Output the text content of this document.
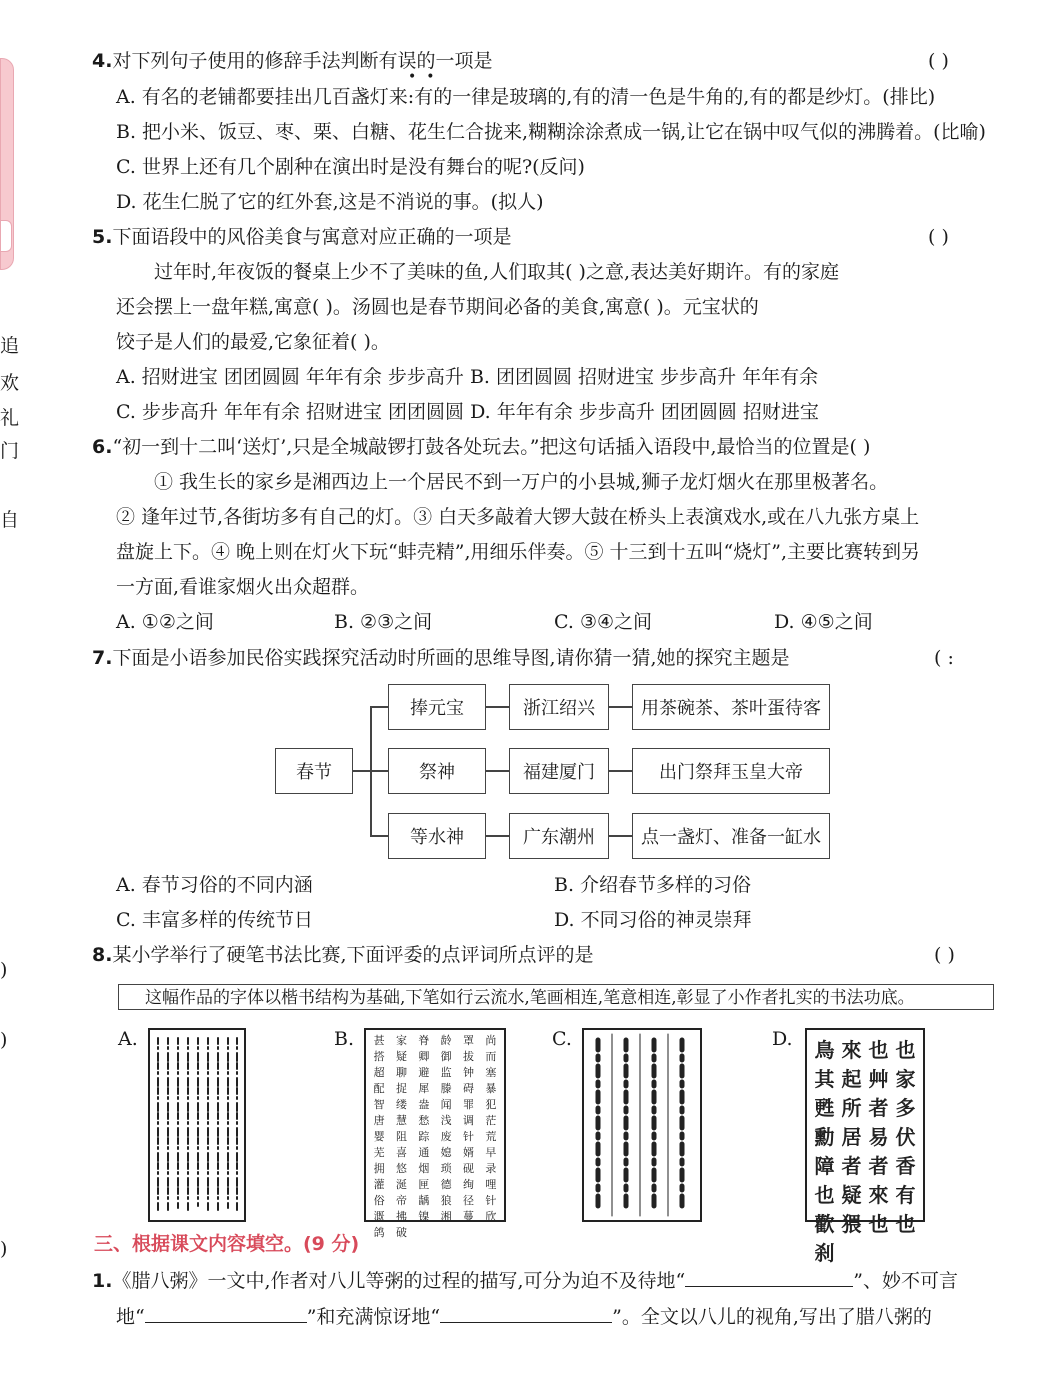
追
欢
礼
门
自
)
)
)
4.对下列句子使用的修辞手法判断有误的一项是
••
( )
A. 有名的老铺都要挂出几百盏灯来:有的一律是玻璃的,有的清一色是牛角的,有的都是纱灯。(排比)
B. 把小米、饭豆、枣、栗、白糖、花生仁合拢来,糊糊涂涂煮成一锅,让它在锅中叹气似的沸腾着。(比喻)
C. 世界上还有几个剧种在演出时是没有舞台的呢?(反问)
D. 花生仁脱了它的红外套,这是不消说的事。(拟人)
5.下面语段中的风俗美食与寓意对应正确的一项是	( )
过年时,年夜饭的餐桌上少不了美味的鱼,人们取其( )之意,表达美好期许。有的家庭
还会摆上一盘年糕,寓意( )。汤圆也是春节期间必备的美食,寓意( )。元宝状的
饺子是人们的最爱,它象征着( )。
A. 招财进宝 团团圆圆 年年有余 步步高升 B. 团团圆圆 招财进宝 步步高升 年年有余
C. 步步高升 年年有余 招财进宝 团团圆圆 D. 年年有余 步步高升 团团圆圆 招财进宝
6.“初一到十二叫‘送灯’,只是全城敲锣打鼓各处玩去。”把这句话插入语段中,最恰当的位置是( )
① 我生长的家乡是湘西边上一个居民不到一万户的小县城,狮子龙灯烟火在那里极著名。
② 逢年过节,各街坊多有自己的灯。③ 白天多敲着大锣大鼓在桥头上表演戏水,或在八九张方桌上
盘旋上下。④ 晚上则在灯火下玩“蚌壳精”,用细乐伴奏。⑤ 十三到十五叫“烧灯”,主要比赛转到另
一方面,看谁家烟火出众超群。
A. ①②之间	B. ②③之间	C. ③④之间	D. ④⑤之间
7.下面是小语参加民俗实践探究活动时所画的思维导图,请你猜一猜,她的探究主题是	( :
春节
捧元宝
祭神
等水神
浙江绍兴
福建厦门
广东潮州
用茶碗茶、茶叶蛋待客
出门祭拜玉皇大帝
点一盏灯、准备一缸水
A. 春节习俗的不同内涵	B. 介绍春节多样的习俗
C. 丰富多样的传统节日	D. 不同习俗的神灵崇拜
8.某小学举行了硬笔书法比赛,下面评委的点评词所点评的是	( )
这幅作品的字体以楷书结构为基础,下笔如行云流水,笔画相连,笔意相连,彰显了小作者扎实的书法功底。
A.	B.	C.	D.
甚	家	脊	龄	罩	尚
搭	疑	卿	御	拔	而
超	聊	避	监	钟	塞
配	捉	犀	滕	碍	暴
智	缕	盎	闻	罪	犯
唐	慧	愁	浅	调	茫
婴	阻	踪	废	针	荒
芜	喜	通	媳	婿	早
拥	悠	烟	琐	砚	录
灌	涎	匣	德	绚	哩
俗	帝	龋	狼	径	针
溉	拂	镍	湘	蔓	欣
鸽	破
鳥 來 也 也
其 起 艸 家
甦 所 者 多
勳 居 易 伏
障 者 者 香
也 疑 來 有
歡 猥 也 也
刹
三、根据课文内容填空。(9 分)
1.《腊八粥》一文中,作者对八儿等粥的过程的描写,可分为迫不及待地“	”、妙不可言
地“	”和充满惊讶地“	”。全文以八儿的视角,写出了腊八粥的
